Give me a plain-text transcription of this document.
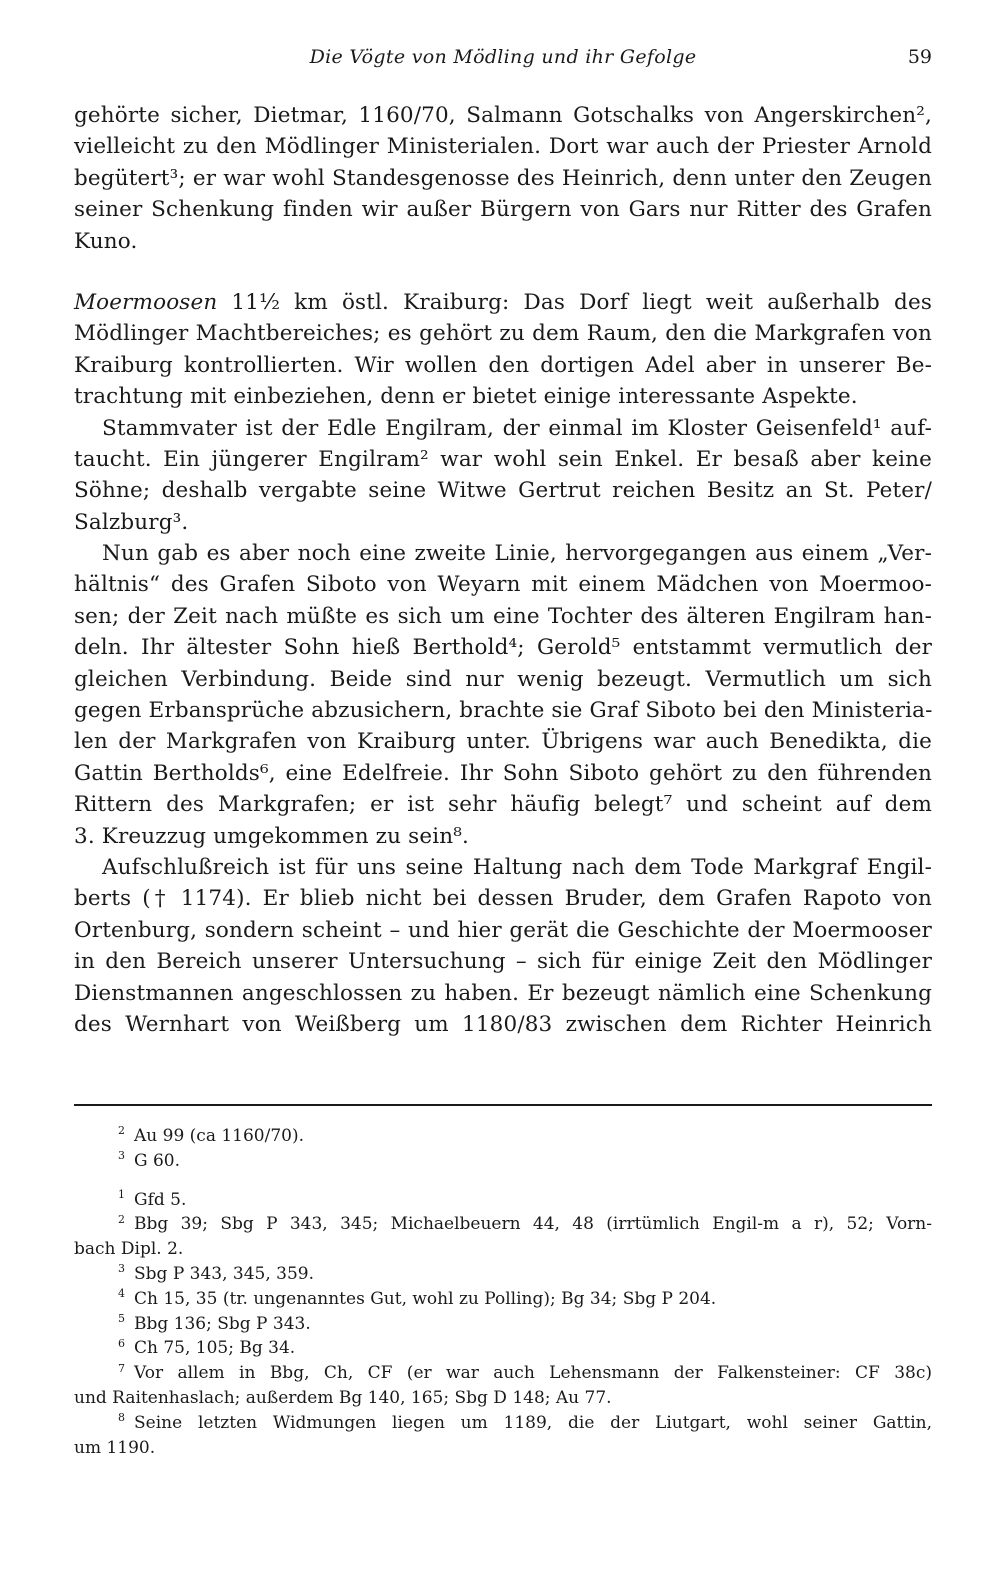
Die Vögte von Mödling und ihr Gefolge	59
gehörte sicher, Dietmar, 1160/70, Salmann Gotschalks von Angerskirchen²,
vielleicht zu den Mödlinger Ministerialen. Dort war auch der Priester Arnold
begütert³; er war wohl Standesgenosse des Heinrich, denn unter den Zeugen
seiner Schenkung finden wir außer Bürgern von Gars nur Ritter des Grafen
Kuno.
Moermoosen 11½ km östl. Kraiburg: Das Dorf liegt weit außerhalb des
Mödlinger Machtbereiches; es gehört zu dem Raum, den die Markgrafen von
Kraiburg kontrollierten. Wir wollen den dortigen Adel aber in unserer Be-
trachtung mit einbeziehen, denn er bietet einige interessante Aspekte.
Stammvater ist der Edle Engilram, der einmal im Kloster Geisenfeld¹ auf-
taucht. Ein jüngerer Engilram² war wohl sein Enkel. Er besaß aber keine
Söhne; deshalb vergabte seine Witwe Gertrut reichen Besitz an St. Peter/
Salzburg³.
Nun gab es aber noch eine zweite Linie, hervorgegangen aus einem „Ver-
hältnis“ des Grafen Siboto von Weyarn mit einem Mädchen von Moermoo-
sen; der Zeit nach müßte es sich um eine Tochter des älteren Engilram han-
deln. Ihr ältester Sohn hieß Berthold⁴; Gerold⁵ entstammt vermutlich der
gleichen Verbindung. Beide sind nur wenig bezeugt. Vermutlich um sich
gegen Erbansprüche abzusichern, brachte sie Graf Siboto bei den Ministeria-
len der Markgrafen von Kraiburg unter. Übrigens war auch Benedikta, die
Gattin Bertholds⁶, eine Edelfreie. Ihr Sohn Siboto gehört zu den führenden
Rittern des Markgrafen; er ist sehr häufig belegt⁷ und scheint auf dem
3. Kreuzzug umgekommen zu sein⁸.
Aufschlußreich ist für uns seine Haltung nach dem Tode Markgraf Engil-
berts († 1174). Er blieb nicht bei dessen Bruder, dem Grafen Rapoto von
Ortenburg, sondern scheint – und hier gerät die Geschichte der Moermooser
in den Bereich unserer Untersuchung – sich für einige Zeit den Mödlinger
Dienstmannen angeschlossen zu haben. Er bezeugt nämlich eine Schenkung
des Wernhart von Weißberg um 1180/83 zwischen dem Richter Heinrich
2 Au 99 (ca 1160/70).
3 G 60.
1 Gfd 5.
2 Bbg 39; Sbg P 343, 345; Michaelbeuern 44, 48 (irrtümlich Engil-m a r), 52; Vorn-
bach Dipl. 2.
3 Sbg P 343, 345, 359.
4 Ch 15, 35 (tr. ungenanntes Gut, wohl zu Polling); Bg 34; Sbg P 204.
5 Bbg 136; Sbg P 343.
6 Ch 75, 105; Bg 34.
7 Vor allem in Bbg, Ch, CF (er war auch Lehensmann der Falkensteiner: CF 38c)
und Raitenhaslach; außerdem Bg 140, 165; Sbg D 148; Au 77.
8 Seine letzten Widmungen liegen um 1189, die der Liutgart, wohl seiner Gattin,
um 1190.
